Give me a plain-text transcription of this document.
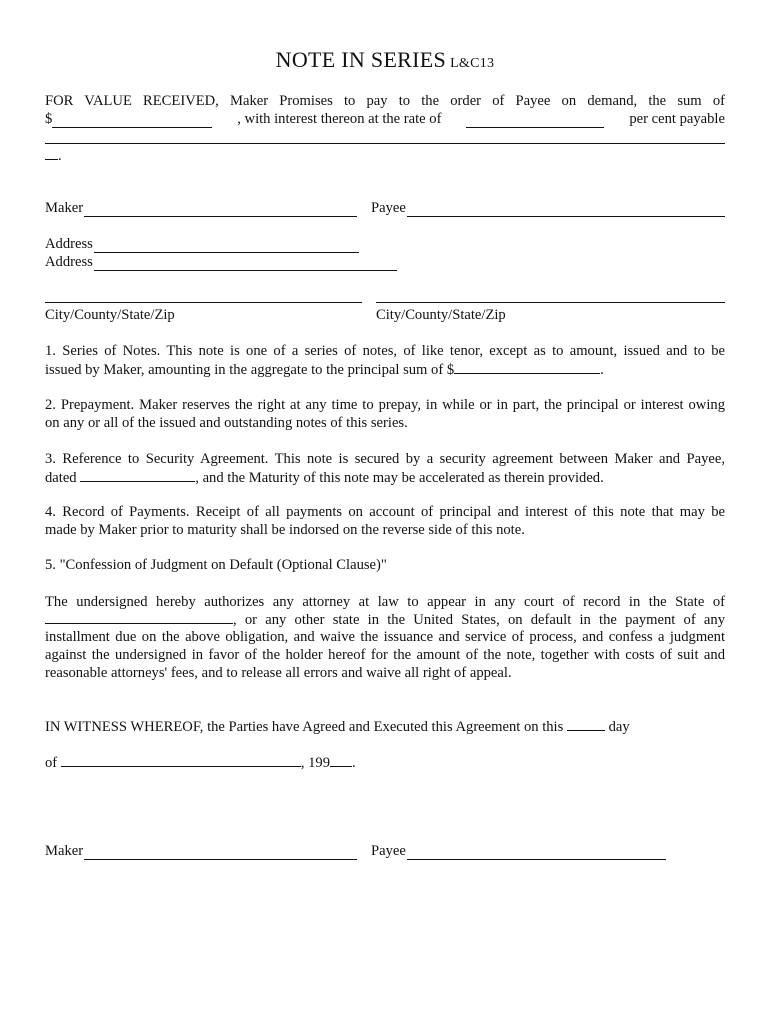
NOTE IN SERIES L&C13
FOR VALUE RECEIVED, Maker Promises to pay to the order of Payee on demand, the sum of
$	, with interest thereon at the rate of	per cent payable
.
Maker	Payee
Address
Address
City/County/State/Zip	City/County/State/Zip
1. Series of Notes. This note is one of a series of notes, of like tenor, except as to amount, issued and to be
issued by Maker, amounting in the aggregate to the principal sum of $	.
2. Prepayment. Maker reserves the right at any time to prepay, in while or in part, the principal or interest owing
on any or all of the issued and outstanding notes of this series.
3. Reference to Security Agreement. This note is secured by a security agreement between Maker and Payee,
dated	, and the Maturity of this note may be accelerated as therein provided.
4. Record of Payments. Receipt of all payments on account of principal and interest of this note that may be
made by Maker prior to maturity shall be indorsed on the reverse side of this note.
5. "Confession of Judgment on Default (Optional Clause)"
The undersigned hereby authorizes any attorney at law to appear in any court of record in the State of
, or any other state in the United States, on default in the payment of any
installment due on the above obligation, and waive the issuance and service of process, and confess a judgment
against the undersigned in favor of the holder hereof for the amount of the note, together with costs of suit and
reasonable attorneys' fees, and to release all errors and waive all right of appeal.
IN WITNESS WHEREOF, the Parties have Agreed and Executed this Agreement on this	day
of	, 199 .
Maker	Payee
